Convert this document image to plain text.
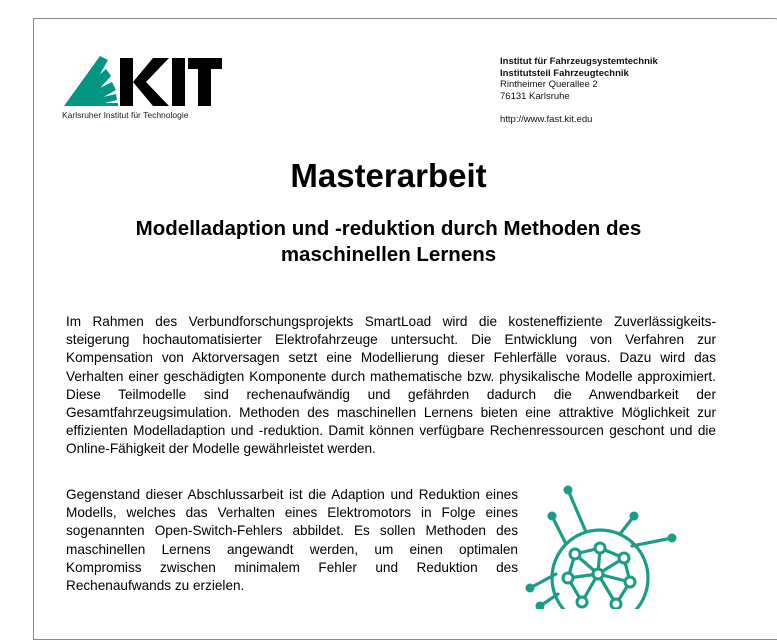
Karlsruher Institut für Technologie
Institut für Fahrzeugsystemtechnik
Institutsteil Fahrzeugtechnik
Rintheimer Querallee 2
76131 Karlsruhe
http://www.fast.kit.edu
Masterarbeit
Modelladaption und -reduktion durch Methoden des maschinellen Lernens
Im Rahmen des Verbundforschungsprojekts SmartLoad wird die kosteneffiziente Zuverlässigkeits-steigerung hochautomatisierter Elektrofahrzeuge untersucht. Die Entwicklung von Verfahren zur Kompensation von Aktorversagen setzt eine Modellierung dieser Fehlerfälle voraus. Dazu wird das Verhalten einer geschädigten Komponente durch mathematische bzw. physikalische Modelle approximiert. Diese Teilmodelle sind rechenaufwändig und gefährden dadurch die Anwendbarkeit der Gesamtfahrzeugsimulation. Methoden des maschinellen Lernens bieten eine attraktive Möglichkeit zur effizienten Modelladaption und -reduktion. Damit können verfügbare Rechenressourcen geschont und die Online-Fähigkeit der Modelle gewährleistet werden.
Gegenstand dieser Abschlussarbeit ist die Adaption und Reduktion eines Modells, welches das Verhalten eines Elektromotors in Folge eines sogenannten Open-Switch-Fehlers abbildet. Es sollen Methoden des maschinellen Lernens angewandt werden, um einen optimalen Kompromiss zwischen minimalem Fehler und Reduktion des Rechenaufwands zu erzielen.
